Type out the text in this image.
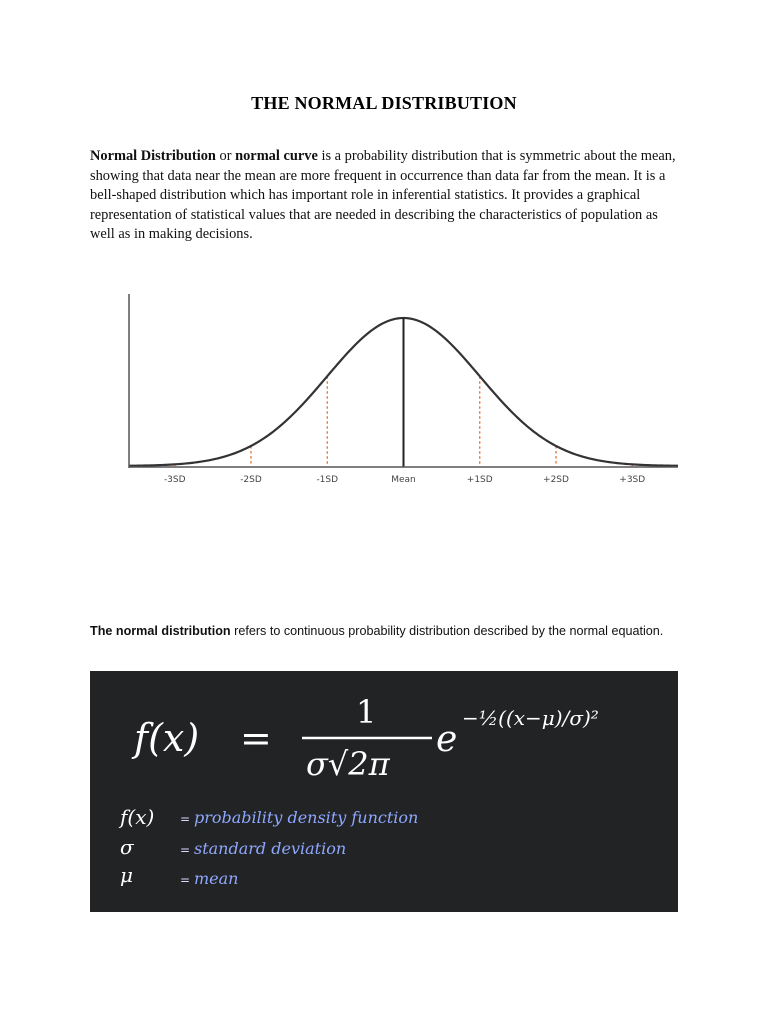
THE NORMAL DISTRIBUTION
Normal Distribution or normal curve is a probability distribution that is symmetric about the mean, showing that data near the mean are more frequent in occurrence than data far from the mean. It is a bell-shaped distribution which has important role in inferential statistics. It provides a graphical representation of statistical values that are needed in describing the characteristics of population as well as in making decisions.
-3SD	-2SD	-1SD	Mean	+1SD	+2SD	+3SD
The normal distribution refers to continuous probability distribution described by the normal equation.
f(x) =
1
σ√2π
e
−½((x−μ)/σ)²
f(x) = probability density function
σ	= standard deviation
μ	= mean
